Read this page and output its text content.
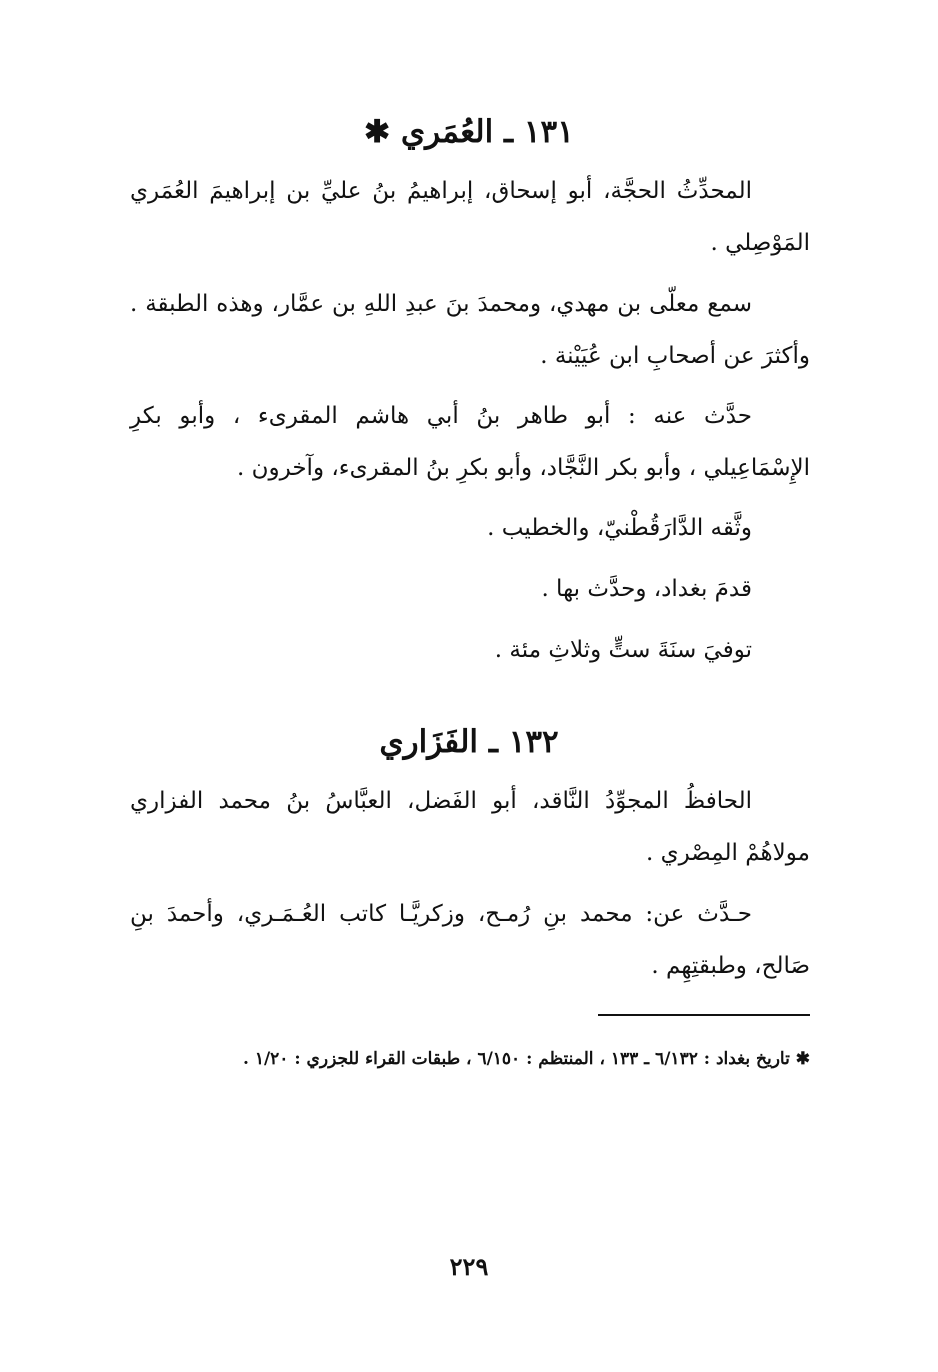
١٣١ ـ العُمَري ✱

المحدِّثُ الحجَّة، أبو إسحاق، إبراهيمُ بنُ عليِّ بن إبراهيمَ العُمَري المَوْصِلي .

سمع معلّى بن مهدي، ومحمدَ بنَ عبدِ اللهِ بن عمَّار، وهذه الطبقة . وأكثرَ عن أصحابِ ابن عُيَيْنة .

حدَّث عنه : أبو طاهر بنُ أبي هاشم المقرىء ، وأبو بكرِ الإِسْمَاعِيلي ، وأبو بكر النَّجَّاد، وأبو بكرِ بنُ المقرىء، وآخرون .

وثَّقه الدَّارَقُطْنيّ، والخطيب .

قدمَ بغداد، وحدَّث بها .

توفيَ سنَةَ ستٍّ وثلاثِ مئة .

١٣٢ ـ الفَزَاري

الحافظُ المجوِّدُ النَّاقد، أبو الفَضل، العبَّاسُ بنُ محمد الفزاري مولاهُمْ المِصْري .

حـدَّث عن: محمد بنِ رُمـح، وزكريَّـا كاتب العُـمَـري، وأحمدَ بنِ صَالح، وطبقتِهِم .

✱ تاريخ بغداد : ٦/١٣٢ ـ ١٣٣ ، المنتظم : ٦/١٥٠ ، طبقات القراء للجزري : ١/٢٠ .

٢٢٩
